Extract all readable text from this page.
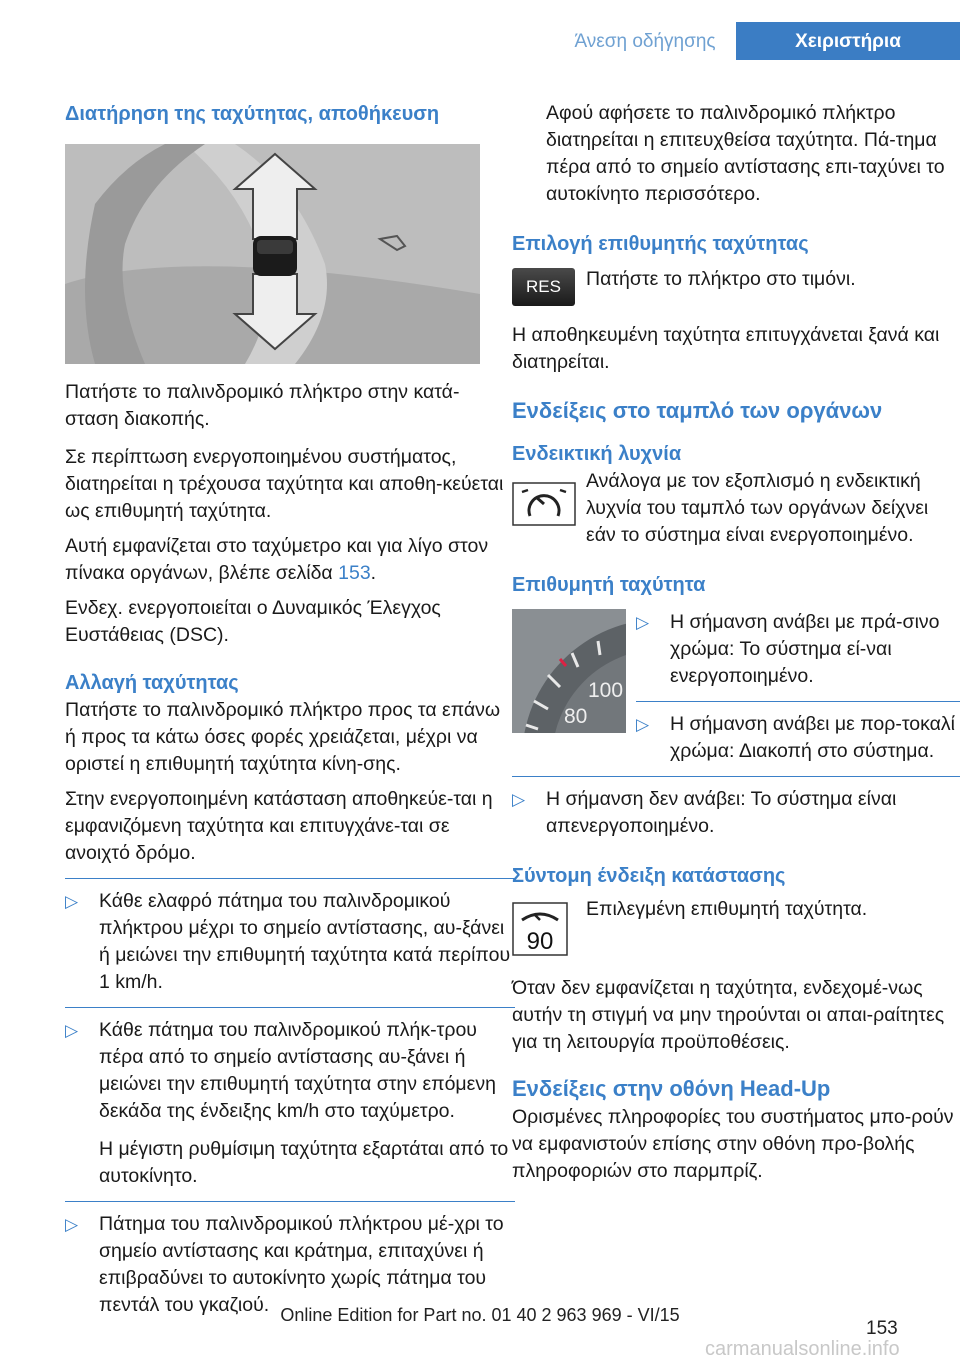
Άνεση οδήγησης	Χειριστήρια
Διατήρηση της ταχύτητας, αποθήκευση

Πατήστε το παλινδρομικό πλήκτρο στην κατά-
σταση διακοπής.

Σε περίπτωση ενεργοποιημένου συστήματος, διατηρείται η τρέχουσα ταχύτητα και αποθη-κεύεται ως επιθυμητή ταχύτητα.

Αυτή εμφανίζεται στο ταχύμετρο και για λίγο στον πίνακα οργάνων, βλέπε σελίδα 153.

Ενδεχ. ενεργοποιείται ο Δυναμικός Έλεγχος Ευστάθειας (DSC).

Αλλαγή ταχύτητας

Πατήστε το παλινδρομικό πλήκτρο προς τα επάνω ή προς τα κάτω όσες φορές χρειάζεται, μέχρι να οριστεί η επιθυμητή ταχύτητα κίνη-σης.

Στην ενεργοποιημένη κατάσταση αποθηκεύε-ται η εμφανιζόμενη ταχύτητα και επιτυγχάνε-ται σε ανοιχτό δρόμο.

▷	Κάθε ελαφρό πάτημα του παλινδρομικού πλήκτρου μέχρι το σημείο αντίστασης, αυ-ξάνει ή μειώνει την επιθυμητή ταχύτητα κατά περίπου 1 km/h.

▷	Κάθε πάτημα του παλινδρομικού πλήκ-τρου πέρα από το σημείο αντίστασης αυ-ξάνει ή μειώνει την επιθυμητή ταχύτητα στην επόμενη δεκάδα της ένδειξης km/h στο ταχύμετρο.

Η μέγιστη ρυθμίσιμη ταχύτητα εξαρτάται από το αυτοκίνητο.

▷	Πάτημα του παλινδρομικού πλήκτρου μέ-χρι το σημείο αντίστασης και κράτημα, επιταχύνει ή επιβραδύνει το αυτοκίνητο χωρίς πάτημα του πεντάλ του γκαζιού.

Αφού αφήσετε το παλινδρομικό πλήκτρο διατηρείται η επιτευχθείσα ταχύτητα. Πά-τημα πέρα από το σημείο αντίστασης επι-ταχύνει το αυτοκίνητο περισσότερο.

Επιλογή επιθυμητής ταχύτητας
RES	Πατήστε το πλήκτρο στο τιμόνι.

Η αποθηκευμένη ταχύτητα επιτυγχάνεται ξανά και διατηρείται.

Ενδείξεις στο ταμπλό των οργάνων
Ενδεικτική λυχνία

Ανάλογα με τον εξοπλισμό η ενδεικτική λυχνία του ταμπλό των οργάνων δείχνει εάν το σύστημα είναι ενεργοποιημένο.

Επιθυμητή ταχύτητα
100
80
▷	Η σήμανση ανάβει με πρά-σινο χρώμα: Το σύστημα εί-ναι ενεργοποιημένο.

▷	Η σήμανση ανάβει με πορ-τοκαλί χρώμα: Διακοπή στο σύστημα.

▷	Η σήμανση δεν ανάβει: Το σύστημα είναι απενεργοποιημένο.

Σύντομη ένδειξη κατάστασης
90

Επιλεγμένη επιθυμητή ταχύτητα.

Όταν δεν εμφανίζεται η ταχύτητα, ενδεχομέ-νως αυτήν τη στιγμή να μην τηρούνται οι απαι-ραίτητες για τη λειτουργία προϋποθέσεις.

Ενδείξεις στην οθόνη Head-Up

Ορισμένες πληροφορίες του συστήματος μπο-ρούν να εμφανιστούν επίσης στην οθόνη προ-βολής πληροφοριών στο παρμπρίζ.

Online Edition for Part no. 01 40 2 963 969 - VI/15
153
carmanualsonline.info
